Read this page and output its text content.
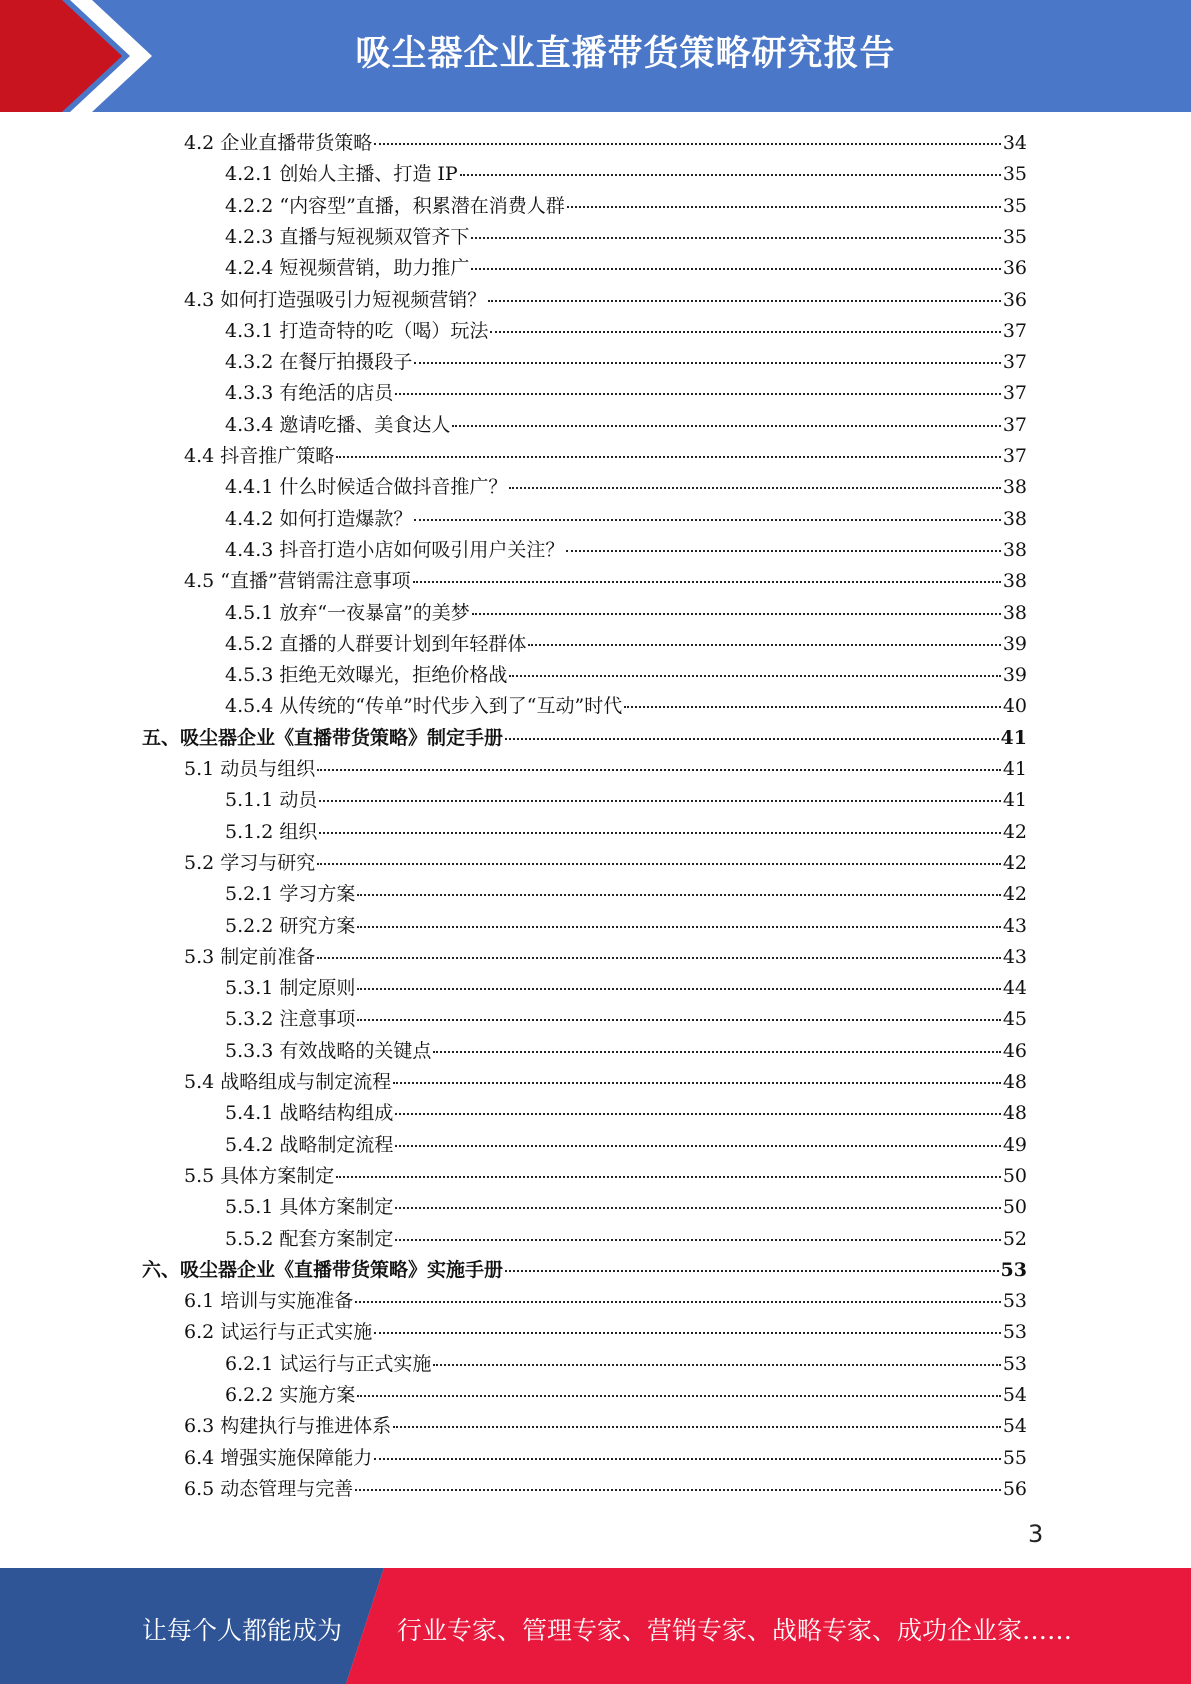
吸尘器企业直播带货策略研究报告
4.2 企业直播带货策略	34
4.2.1 创始人主播、打造 IP	35
4.2.2 “内容型”直播，积累潜在消费人群	35
4.2.3 直播与短视频双管齐下	35
4.2.4 短视频营销，助力推广	36
4.3 如何打造强吸引力短视频营销？	36
4.3.1 打造奇特的吃（喝）玩法	37
4.3.2 在餐厅拍摄段子	37
4.3.3 有绝活的店员	37
4.3.4 邀请吃播、美食达人	37
4.4 抖音推广策略	37
4.4.1 什么时候适合做抖音推广？	38
4.4.2 如何打造爆款？	38
4.4.3 抖音打造小店如何吸引用户关注？	38
4.5 “直播”营销需注意事项	38
4.5.1 放弃“一夜暴富”的美梦	38
4.5.2 直播的人群要计划到年轻群体	39
4.5.3 拒绝无效曝光，拒绝价格战	39
4.5.4 从传统的“传单”时代步入到了“互动”时代	40
五、吸尘器企业《直播带货策略》制定手册	41
5.1 动员与组织	41
5.1.1 动员	41
5.1.2 组织	42
5.2 学习与研究	42
5.2.1 学习方案	42
5.2.2 研究方案	43
5.3 制定前准备	43
5.3.1 制定原则	44
5.3.2 注意事项	45
5.3.3 有效战略的关键点	46
5.4 战略组成与制定流程	48
5.4.1 战略结构组成	48
5.4.2 战略制定流程	49
5.5 具体方案制定	50
5.5.1 具体方案制定	50
5.5.2 配套方案制定	52
六、吸尘器企业《直播带货策略》实施手册	53
6.1 培训与实施准备	53
6.2 试运行与正式实施	53
6.2.1 试运行与正式实施	53
6.2.2 实施方案	54
6.3 构建执行与推进体系	54
6.4 增强实施保障能力	55
6.5 动态管理与完善	56
3
让每个人都能成为 行业专家、管理专家、营销专家、战略专家、成功企业家……
